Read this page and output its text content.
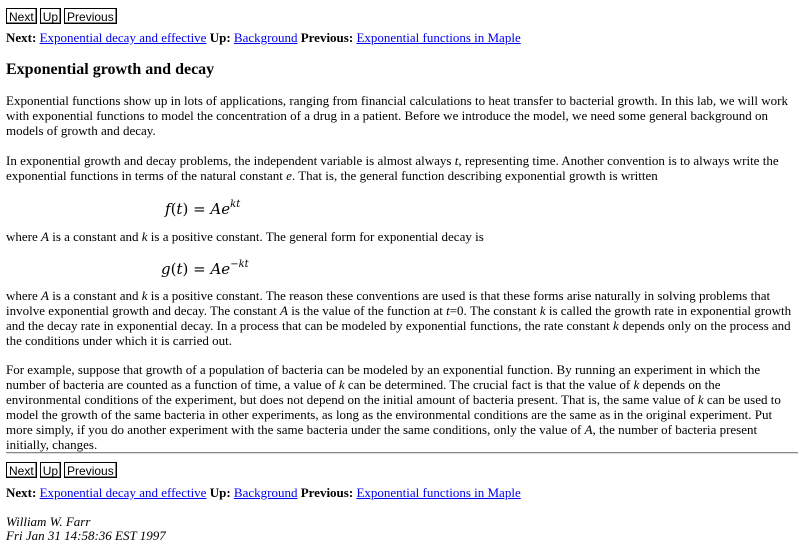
Next Up Previous
Next: Exponential decay and effective Up: Background Previous: Exponential functions in Maple
Exponential growth and decay

Exponential functions show up in lots of applications, ranging from financial calculations to heat transfer to bacterial growth. In this lab, we will work with exponential functions to model the concentration of a drug in a patient. Before we introduce the model, we need some general background on models of growth and decay.

In exponential growth and decay problems, the independent variable is almost always t, representing time. Another convention is to always write the exponential functions in terms of the natural constant e. That is, the general function describing exponential growth is written

$f(t) = Ae^{kt}$

where A is a constant and k is a positive constant. The general form for exponential decay is

$g(t) = Ae^{-kt}$

where A is a constant and k is a positive constant. The reason these conventions are used is that these forms arise naturally in solving problems that involve exponential growth and decay. The constant A is the value of the function at t=0. The constant k is called the growth rate in exponential growth and the decay rate in exponential decay. In a process that can be modeled by exponential functions, the rate constant k depends only on the process and the conditions under which it is carried out.

For example, suppose that growth of a population of bacteria can be modeled by an exponential function. By running an experiment in which the number of bacteria are counted as a function of time, a value of k can be determined. The crucial fact is that the value of k depends on the environmental conditions of the experiment, but does not depend on the initial amount of bacteria present. That is, the same value of k can be used to model the growth of the same bacteria in other experiments, as long as the environmental conditions are the same as in the original experiment. Put more simply, if you do another experiment with the same bacteria under the same conditions, only the value of A, the number of bacteria present initially, changes.

Next Up Previous
Next: Exponential decay and effective Up: Background Previous: Exponential functions in Maple
William W. Farr
Fri Jan 31 14:58:36 EST 1997
